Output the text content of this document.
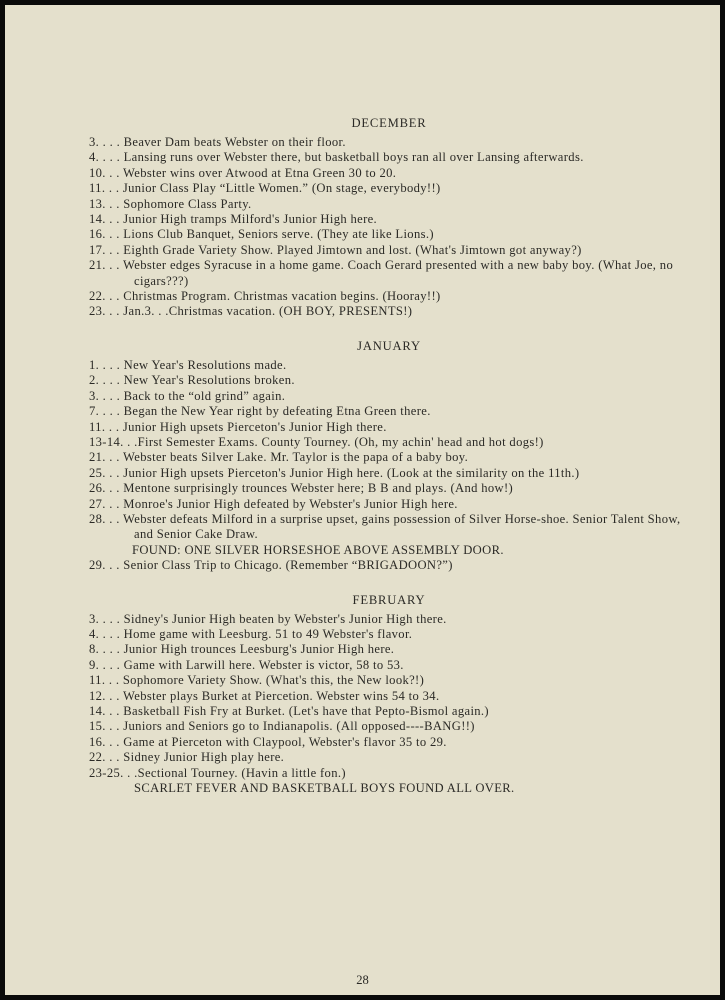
DECEMBER
3. . . . Beaver Dam beats Webster on their floor.
4. . . . Lansing runs over Webster there, but basketball boys ran all over Lansing afterwards.
10. . . Webster wins over Atwood at Etna Green 30 to 20.
11. . . Junior Class Play “Little Women.” (On stage, everybody!!)
13. . . Sophomore Class Party.
14. . . Junior High tramps Milford's Junior High here.
16. . . Lions Club Banquet, Seniors serve. (They ate like Lions.)
17. . . Eighth Grade Variety Show. Played Jimtown and lost. (What's Jimtown got anyway?)
21. . . Webster edges Syracuse in a home game. Coach Gerard presented with a new baby boy. (What Joe, no cigars???)
22. . . Christmas Program. Christmas vacation begins. (Hooray!!)
23. . . Jan.3. . .Christmas vacation. (OH BOY, PRESENTS!)
JANUARY
1. . . . New Year's Resolutions made.
2. . . . New Year's Resolutions broken.
3. . . . Back to the “old grind” again.
7. . . . Began the New Year right by defeating Etna Green there.
11. . . Junior High upsets Pierceton's Junior High there.
13-14. . .First Semester Exams. County Tourney. (Oh, my achin' head and hot dogs!)
21. . . Webster beats Silver Lake. Mr. Taylor is the papa of a baby boy.
25. . . Junior High upsets Pierceton's Junior High here. (Look at the similarity on the 11th.)
26. . . Mentone surprisingly trounces Webster here; B B and plays. (And how!)
27. . . Monroe's Junior High defeated by Webster's Junior High here.
28. . . Webster defeats Milford in a surprise upset, gains possession of Silver Horse-shoe. Senior Talent Show, and Senior Cake Draw.
FOUND: ONE SILVER HORSESHOE ABOVE ASSEMBLY DOOR.
29. . . Senior Class Trip to Chicago. (Remember “BRIGADOON?”)
FEBRUARY
3. . . . Sidney's Junior High beaten by Webster's Junior High there.
4. . . . Home game with Leesburg. 51 to 49 Webster's flavor.
8. . . . Junior High trounces Leesburg's Junior High here.
9. . . . Game with Larwill here. Webster is victor, 58 to 53.
11. . . Sophomore Variety Show. (What's this, the New look?!)
12. . . Webster plays Burket at Piercetion. Webster wins 54 to 34.
14. . . Basketball Fish Fry at Burket. (Let's have that Pepto-Bismol again.)
15. . . Juniors and Seniors go to Indianapolis. (All opposed----BANG!!)
16. . . Game at Pierceton with Claypool, Webster's flavor 35 to 29.
22. . . Sidney Junior High play here.
23-25. . .Sectional Tourney. (Havin a little fon.)
SCARLET FEVER AND BASKETBALL BOYS FOUND ALL OVER.
28
